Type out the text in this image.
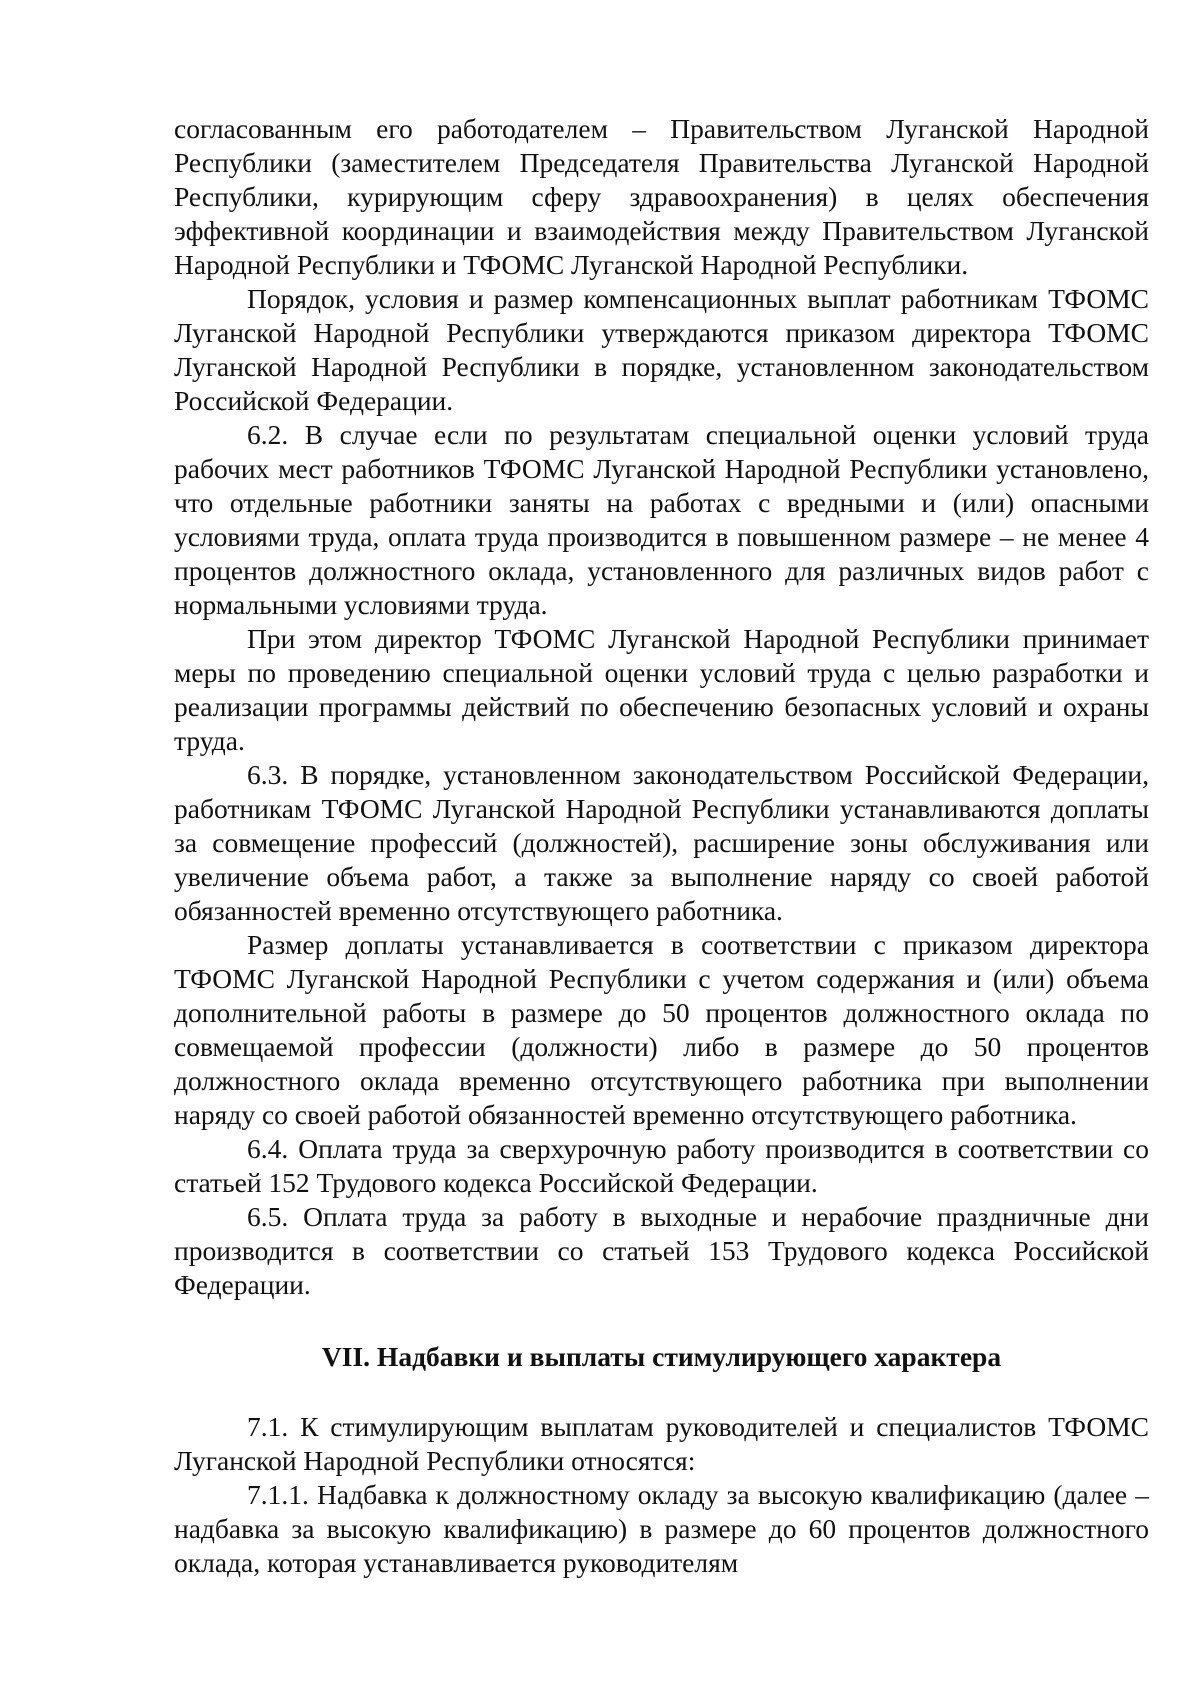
согласованным его работодателем – Правительством Луганской Народной Республики (заместителем Председателя Правительства Луганской Народной Республики, курирующим сферу здравоохранения) в целях обеспечения эффективной координации и взаимодействия между Правительством Луганской Народной Республики и ТФОМС Луганской Народной Республики.

Порядок, условия и размер компенсационных выплат работникам ТФОМС Луганской Народной Республики утверждаются приказом директора ТФОМС Луганской Народной Республики в порядке, установленном законодательством Российской Федерации.

6.2. В случае если по результатам специальной оценки условий труда рабочих мест работников ТФОМС Луганской Народной Республики установлено, что отдельные работники заняты на работах с вредными и (или) опасными условиями труда, оплата труда производится в повышенном размере – не менее 4 процентов должностного оклада, установленного для различных видов работ с нормальными условиями труда.

При этом директор ТФОМС Луганской Народной Республики принимает меры по проведению специальной оценки условий труда с целью разработки и реализации программы действий по обеспечению безопасных условий и охраны труда.

6.3. В порядке, установленном законодательством Российской Федерации, работникам ТФОМС Луганской Народной Республики устанавливаются доплаты за совмещение профессий (должностей), расширение зоны обслуживания или увеличение объема работ, а также за выполнение наряду со своей работой обязанностей временно отсутствующего работника.

Размер доплаты устанавливается в соответствии с приказом директора ТФОМС Луганской Народной Республики с учетом содержания и (или) объема дополнительной работы в размере до 50 процентов должностного оклада по совмещаемой профессии (должности) либо в размере до 50 процентов должностного оклада временно отсутствующего работника при выполнении наряду со своей работой обязанностей временно отсутствующего работника.

6.4. Оплата труда за сверхурочную работу производится в соответствии со статьей 152 Трудового кодекса Российской Федерации.

6.5. Оплата труда за работу в выходные и нерабочие праздничные дни производится в соответствии со статьей 153 Трудового кодекса Российской Федерации.

VII. Надбавки и выплаты стимулирующего характера

7.1. К стимулирующим выплатам руководителей и специалистов ТФОМС Луганской Народной Республики относятся:

7.1.1. Надбавка к должностному окладу за высокую квалификацию (далее – надбавка за высокую квалификацию) в размере до 60 процентов должностного оклада, которая устанавливается руководителям
